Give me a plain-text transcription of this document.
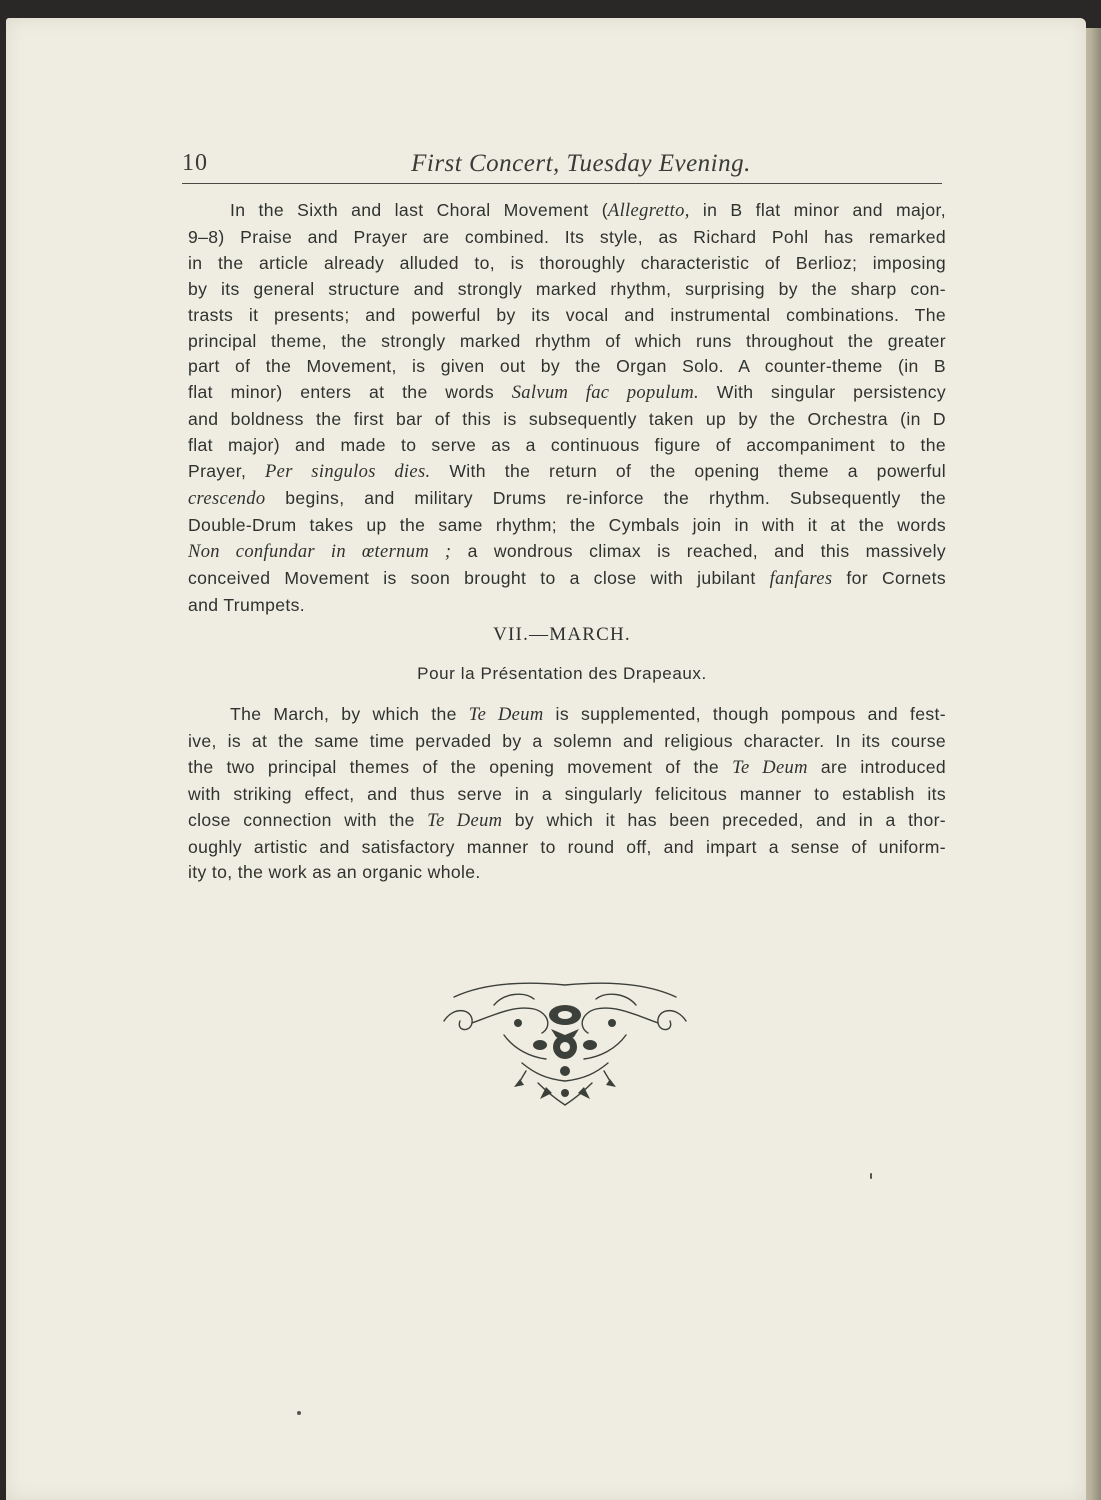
10	First Concert, Tuesday Evening.
In the Sixth and last Choral Movement (Allegretto, in B flat minor and major,
9–8) Praise and Prayer are combined. Its style, as Richard Pohl has remarked
in the article already alluded to, is thoroughly characteristic of Berlioz; imposing
by its general structure and strongly marked rhythm, surprising by the sharp con-
trasts it presents; and powerful by its vocal and instrumental combinations. The
principal theme, the strongly marked rhythm of which runs throughout the greater
part of the Movement, is given out by the Organ Solo. A counter-theme (in B
flat minor) enters at the words Salvum fac populum. With singular persistency
and boldness the first bar of this is subsequently taken up by the Orchestra (in D
flat major) and made to serve as a continuous figure of accompaniment to the
Prayer, Per singulos dies. With the return of the opening theme a powerful
crescendo begins, and military Drums re-inforce the rhythm. Subsequently the
Double-Drum takes up the same rhythm; the Cymbals join in with it at the words
Non confundar in œternum ; a wondrous climax is reached, and this massively
conceived Movement is soon brought to a close with jubilant fanfares for Cornets
and Trumpets.
VII.—MARCH.
Pour la Présentation des Drapeaux.
The March, by which the Te Deum is supplemented, though pompous and fest-
ive, is at the same time pervaded by a solemn and religious character. In its course
the two principal themes of the opening movement of the Te Deum are introduced
with striking effect, and thus serve in a singularly felicitous manner to establish its
close connection with the Te Deum by which it has been preceded, and in a thor-
oughly artistic and satisfactory manner to round off, and impart a sense of uniform-
ity to, the work as an organic whole.
